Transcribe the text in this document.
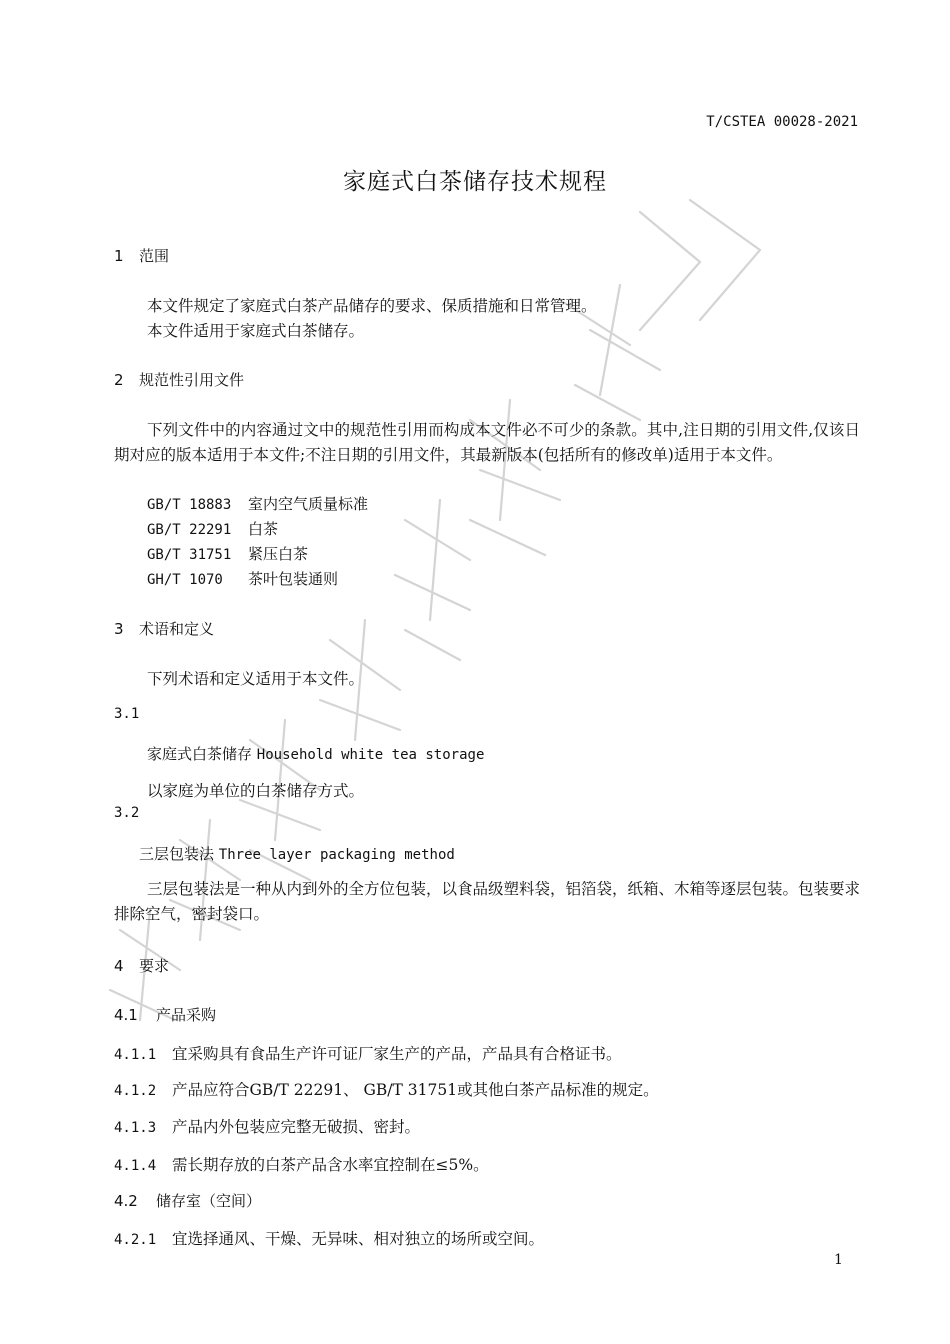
T/CSTEA 00028-2021
家庭式白茶储存技术规程
1 范围
本文件规定了家庭式白茶产品储存的要求、保质措施和日常管理。
本文件适用于家庭式白茶储存。
2 规范性引用文件
下列文件中的内容通过文中的规范性引用而构成本文件必不可少的条款。其中,注日期的引用文件,仅该日期对应的版本适用于本文件;不注日期的引用文件，其最新版本(包括所有的修改单)适用于本文件。
GB/T 18883 室内空气质量标准
GB/T 22291 白茶
GB/T 31751 紧压白茶
GH/T 1070 茶叶包装通则
3 术语和定义
下列术语和定义适用于本文件。
3.1
家庭式白茶储存 Household white tea storage
以家庭为单位的白茶储存方式。
3.2
三层包装法 Three layer packaging method
三层包装法是一种从内到外的全方位包装，以食品级塑料袋，铝箔袋，纸箱、木箱等逐层包装。包装要求排除空气，密封袋口。
4 要求
4.1 产品采购
4.1.1 宜采购具有食品生产许可证厂家生产的产品，产品具有合格证书。
4.1.2 产品应符合GB/T 22291、 GB/T 31751或其他白茶产品标准的规定。
4.1.3 产品内外包装应完整无破损、密封。
4.1.4 需长期存放的白茶产品含水率宜控制在≤5%。
4.2 储存室（空间）
4.2.1 宜选择通风、干燥、无异味、相对独立的场所或空间。
1
